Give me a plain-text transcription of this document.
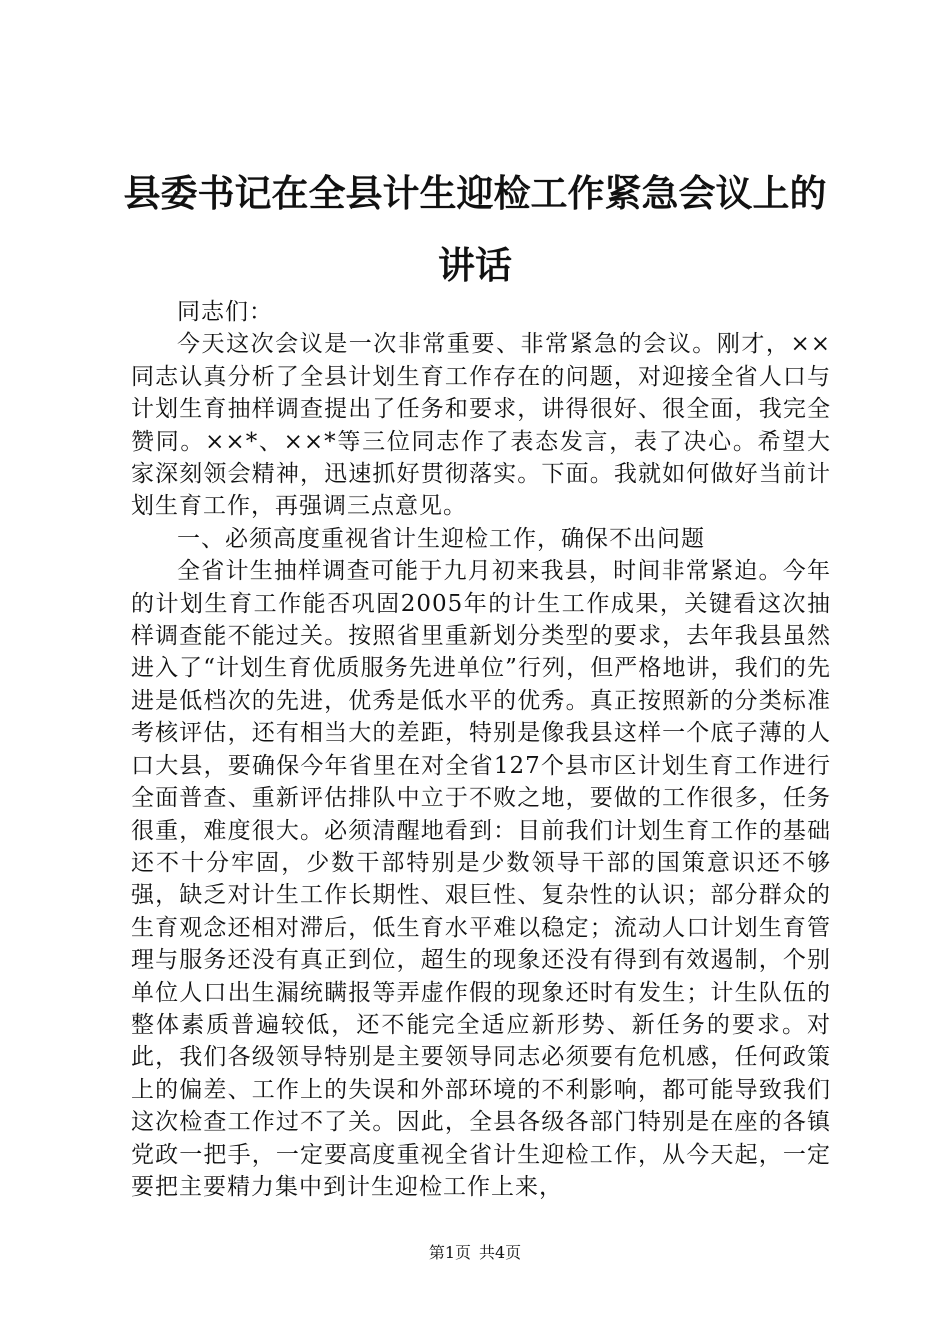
县委书记在全县计生迎检工作紧急会议上的讲话

同志们：

今天这次会议是一次非常重要、非常紧急的会议。刚才，××同志认真分析了全县计划生育工作存在的问题，对迎接全省人口与计划生育抽样调查提出了任务和要求，讲得很好、很全面，我完全赞同。××*、××*等三位同志作了表态发言，表了决心。希望大家深刻领会精神，迅速抓好贯彻落实。下面。我就如何做好当前计划生育工作，再强调三点意见。

一、必须高度重视省计生迎检工作，确保不出问题

全省计生抽样调查可能于九月初来我县，时间非常紧迫。今年的计划生育工作能否巩固2005年的计生工作成果，关键看这次抽样调查能不能过关。按照省里重新划分类型的要求，去年我县虽然进入了“计划生育优质服务先进单位”行列，但严格地讲，我们的先进是低档次的先进，优秀是低水平的优秀。真正按照新的分类标准考核评估，还有相当大的差距，特别是像我县这样一个底子薄的人口大县，要确保今年省里在对全省127个县市区计划生育工作进行全面普查、重新评估排队中立于不败之地，要做的工作很多，任务很重，难度很大。必须清醒地看到：目前我们计划生育工作的基础还不十分牢固，少数干部特别是少数领导干部的国策意识还不够强，缺乏对计生工作长期性、艰巨性、复杂性的认识；部分群众的生育观念还相对滞后，低生育水平难以稳定；流动人口计划生育管理与服务还没有真正到位，超生的现象还没有得到有效遏制，个别单位人口出生漏统瞒报等弄虚作假的现象还时有发生；计生队伍的整体素质普遍较低，还不能完全适应新形势、新任务的要求。对此，我们各级领导特别是主要领导同志必须要有危机感，任何政策上的偏差、工作上的失误和外部环境的不利影响，都可能导致我们这次检查工作过不了关。因此，全县各级各部门特别是在座的各镇党政一把手，一定要高度重视全省计生迎检工作，从今天起，一定要把主要精力集中到计生迎检工作上来，

第1页 共4页
